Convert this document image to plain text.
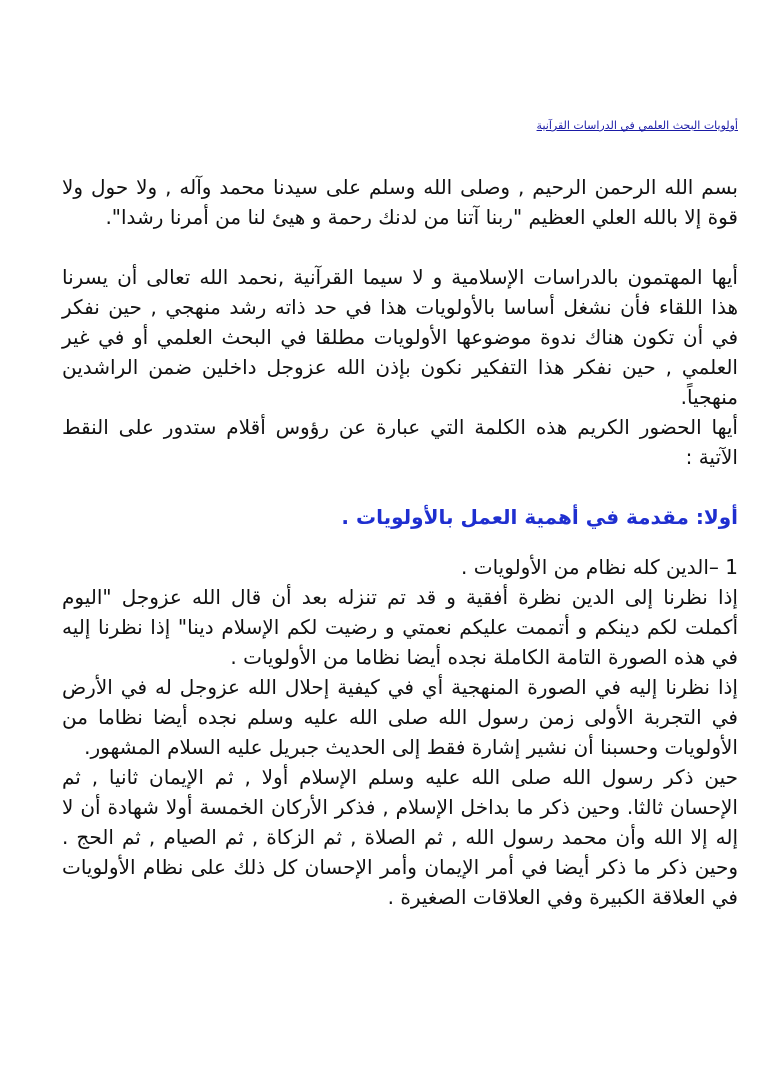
أولويات البحث العلمي في الدراسات القرآنية

بسم الله الرحمن الرحيم , وصلى الله وسلم على سيدنا محمد وآله , ولا حول ولا قوة إلا بالله العلي العظيم "ربنا آتنا من لدنك رحمة و هيئ لنا من أمرنا رشدا".

أيها المهتمون بالدراسات الإسلامية و لا سيما القرآنية ,نحمد الله تعالى أن يسرنا هذا اللقاء فأن نشغل أساسا بالأولويات هذا في حد ذاته رشد منهجي , حين نفكر في أن تكون هناك ندوة موضوعها الأولويات مطلقا في البحث العلمي أو في غير العلمي , حين نفكر هذا التفكير نكون بإذن الله عزوجل داخلين ضمن الراشدين منهجياً.

أيها الحضور الكريم هذه الكلمة التي عبارة عن رؤوس أقلام ستدور على النقط الآتية :

أولا: مقدمة في أهمية العمل بالأولويات .

1 –الدين كله نظام من الأولويات .

إذا نظرنا إلى الدين نظرة أفقية و قد تم تنزله بعد أن قال الله عزوجل "اليوم أكملت لكم دينكم و أتممت عليكم نعمتي و رضيت لكم الإسلام دينا" إذا نظرنا إليه في هذه الصورة التامة الكاملة نجده أيضا نظاما من الأولويات .

إذا نظرنا إليه في الصورة المنهجية أي في كيفية إحلال الله عزوجل له في الأرض في التجربة الأولى زمن رسول الله صلى الله عليه وسلم نجده أيضا نظاما من الأولويات وحسبنا أن نشير إشارة فقط إلى الحديث جبريل عليه السلام المشهور.

حين ذكر رسول الله صلى الله عليه وسلم الإسلام أولا , ثم الإيمان ثانيا , ثم الإحسان ثالثا. وحين ذكر ما بداخل الإسلام , فذكر الأركان الخمسة أولا شهادة أن لا إله إلا الله وأن محمد رسول الله , ثم الصلاة , ثم الزكاة , ثم الصيام , ثم الحج . وحين ذكر ما ذكر أيضا في أمر الإيمان وأمر الإحسان كل ذلك على نظام الأولويات في العلاقة الكبيرة وفي العلاقات الصغيرة .
